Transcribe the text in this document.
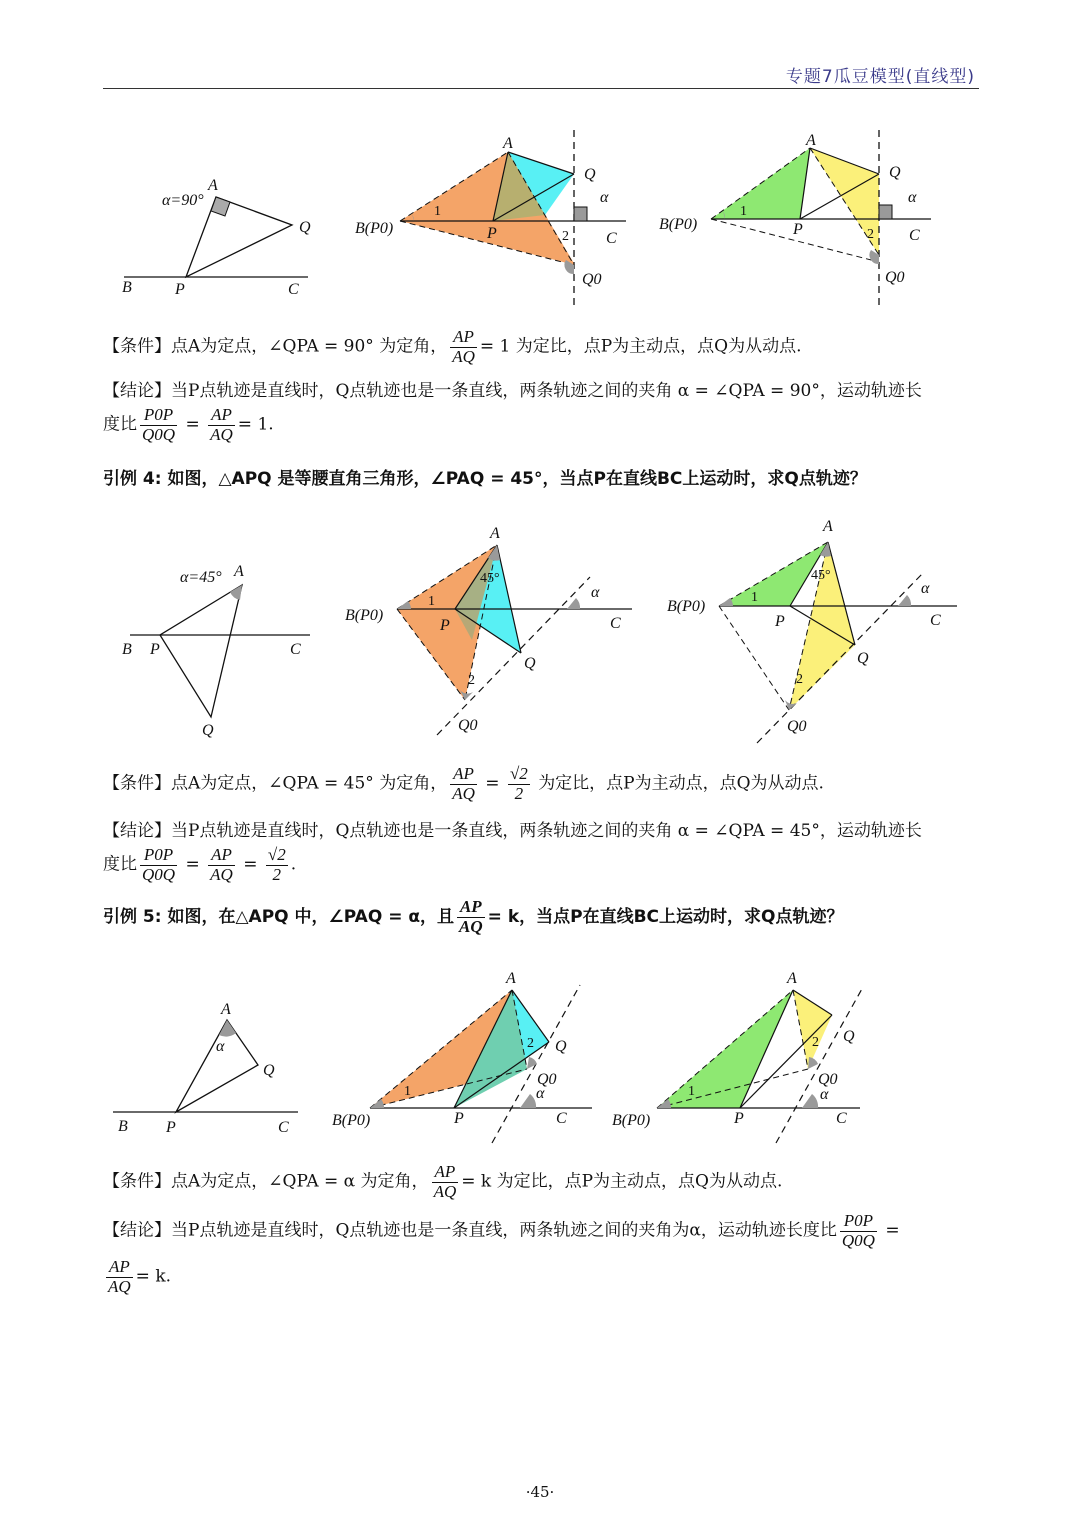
专题7瓜豆模型(直线型)
α=90°
A
Q
B	P	C
A
Q
α
B(P0)
1
P	2 C
Q0
A
Q
α
B(P0)
1
P	2 C
Q0
【条件】点A为定点，∠QPA = 90° 为定角， $\frac{AP}{AQ} = 1$ 为定比，点P为主动点，点Q为从动点.
【结论】当P点轨迹是直线时，Q点轨迹也是一条直线，两条轨迹之间的夹角 α = ∠QPA = 90°，运动轨迹长
度比 $\frac{P0P}{Q0Q} = \frac{AP}{AQ} = 1$.
引例 4: 如图，△APQ 是等腰直角三角形，∠PAQ = 45°，当点P在直线BC上运动时，求Q点轨迹？
α=45° A
B P	C
Q
A
45°
α
B(P0)
1
P	C
Q
2
Q0
A
45°
α
B(P0)
1
P	C
Q
2
Q0
【条件】点A为定点，∠QPA = 45° 为定角， $\frac{AP}{AQ} = \frac{√2}{2}$ 为定比，点P为主动点，点Q为从动点.
【结论】当P点轨迹是直线时，Q点轨迹也是一条直线，两条轨迹之间的夹角 α = ∠QPA = 45°，运动轨迹长
度比 $\frac{P0P}{Q0Q} = \frac{AP}{AQ} = \frac{√2}{2}$ .
引例 5: 如图，在△APQ 中，∠PAQ = α，且 $\frac{AP}{AQ} = k$，当点P在直线BC上运动时，求Q点轨迹？
A
α
Q
B P	C
A
2 Q
Q0
1	α
B(P0)	P	C
A
Q
2
Q0
1	α
B(P0)	P	C
【条件】点A为定点，∠QPA = α 为定角， $\frac{AP}{AQ} = k$ 为定比，点P为主动点，点Q为从动点.
【结论】当P点轨迹是直线时，Q点轨迹也是一条直线，两条轨迹之间的夹角为α，运动轨迹长度比 $\frac{P0P}{Q0Q}$ =
$\frac{AP}{AQ} = k$.
·45·
